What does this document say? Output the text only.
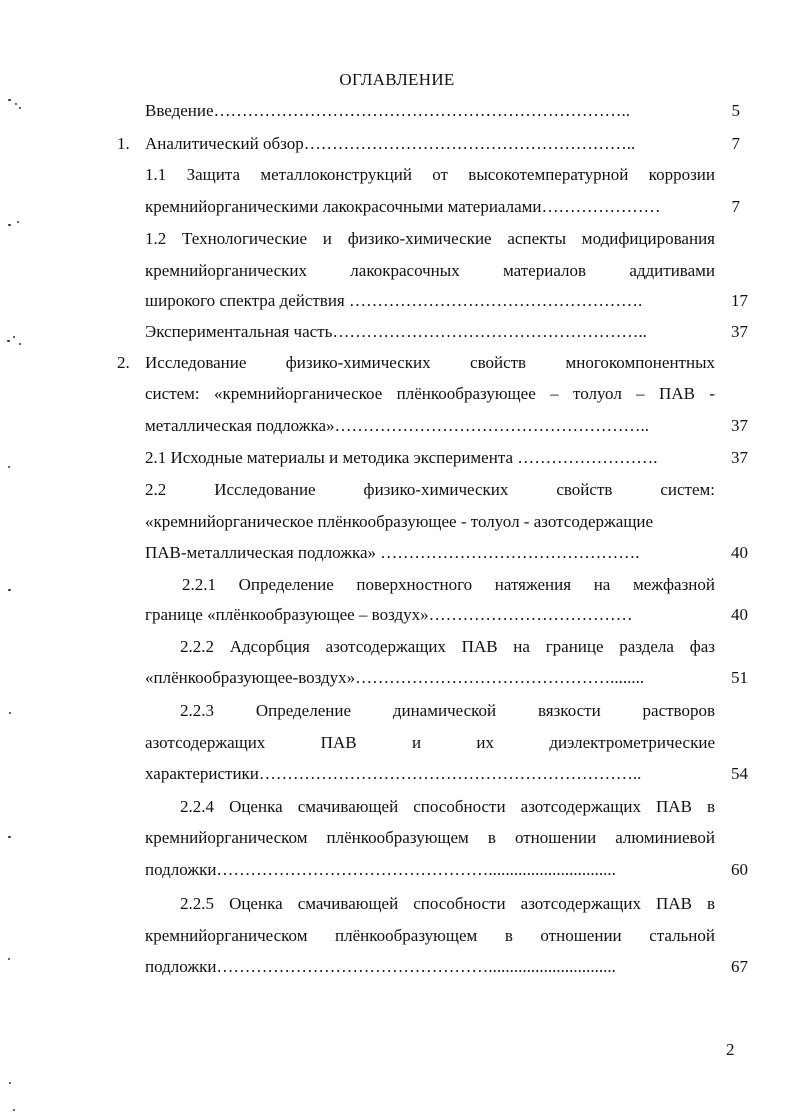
ОГЛАВЛЕНИЕ
Введение………………………………………………………………..	5
1. Аналитический обзор…………………………………………………..	7
1.1 Защита металлоконструкций от высокотемпературной коррозии
кремнийорганическими лакокрасочными материалами…………………	7
1.2 Технологические и физико-химические аспекты модифицирования
кремнийорганических лакокрасочных материалов аддитивами
широкого спектра действия …………………………………………….	17
Экспериментальная часть………………………………………………..	37
2. Исследование физико-химических свойств многокомпонентных
систем: «кремнийорганическое плёнкообразующее – толуол – ПАВ -
металлическая подложка»………………………………………………..	37
2.1 Исходные материалы и методика эксперимента …………………….	37
2.2 Исследование физико-химических свойств систем:
«кремнийорганическое плёнкообразующее - толуол - азотсодержащие
ПАВ-металлическая подложка» ……………………………………….	40
2.2.1 Определение поверхностного натяжения на межфазной
границе «плёнкообразующее – воздух»………………………………	40
2.2.2 Адсорбция азотсодержащих ПАВ на границе раздела фаз
«плёнкообразующее-воздух»………………………………………........	51
2.2.3 Определение динамической вязкости растворов
азотсодержащих ПАВ и их диэлектрометрические
характеристики…………………………………………………………..	54
2.2.4 Оценка смачивающей способности азотсодержащих ПАВ в
кремнийорганическом плёнкообразующем в отношении алюминиевой
подложки…………………………………………..............................	60
2.2.5 Оценка смачивающей способности азотсодержащих ПАВ в
кремнийорганическом плёнкообразующем в отношении стальной
подложки…………………………………………..............................	67
2
